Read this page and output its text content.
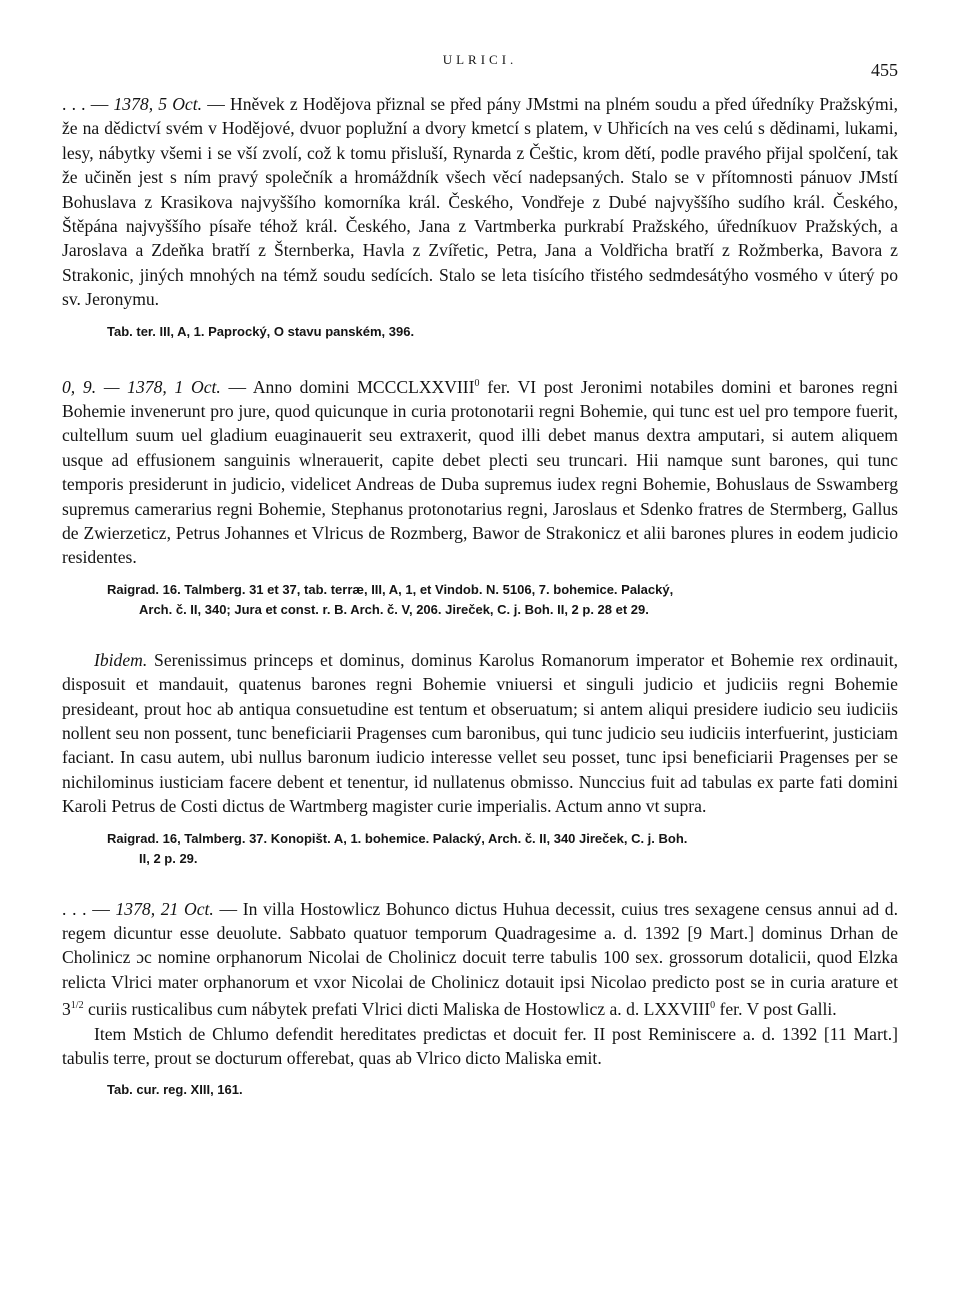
ULRICI.
455

. . . — 1378, 5 Oct. — Hněvek z Hodějova přiznal se před pány JMstmi na plném soudu a před úředníky Pražskými, že na dědictví svém v Hodějové, dvuor poplužní a dvory kmetcí s platem, v Uhřicích na ves celú s dědinami, lukami, lesy, nábytky všemi i se vší zvolí, což k tomu přisluší, Rynarda z Češtic, krom dětí, podle pravého přijal spolčení, tak že učiněn jest s ním pravý společník a hromáždník všech věcí nadepsaných. Stalo se v přítomnosti pánuov JMstí Bohuslava z Krasikova najvyššího komorníka král. Českého, Vondřeje z Dubé najvyššího sudího král. Českého, Štěpána najvyššího písaře téhož král. Českého, Jana z Vartmberka purkrabí Pražského, úředníkuov Pražských, a Jaroslava a Zdeňka bratří z Šternberka, Havla z Zvířetic, Petra, Jana a Voldřicha bratří z Rožmberka, Bavora z Strakonic, jiných mnohých na témž soudu sedících. Stalo se leta tisícího třistého sedmdesátýho vosmého v úterý po sv. Jeronymu.

Tab. ter. III, A, 1. Paprocký, O stavu panském, 396.

0, 9. — 1378, 1 Oct. — Anno domini MCCCLXXVIII$^0$ fer. VI post Jeronimi notabiles domini et barones regni Bohemie invenerunt pro jure, quod quicunque in curia protonotarii regni Bohemie, qui tunc est uel pro tempore fuerit, cultellum suum uel gladium euaginauerit seu extraxerit, quod illi debet manus dextra amputari, si autem aliquem usque ad effusionem sanguinis wlnerauerit, capite debet plecti seu truncari. Hii namque sunt barones, qui tunc temporis presiderunt in judicio, videlicet Andreas de Duba supremus iudex regni Bohemie, Bohuslaus de Sswamberg supremus camerarius regni Bohemie, Stephanus protonotarius regni, Jaroslaus et Sdenko fratres de Stermberg, Gallus de Zwierzeticz, Petrus Johannes et Vlricus de Rozmberg, Bawor de Strakonicz et alii barones plures in eodem judicio residentes.

Raigrad. 16. Talmberg. 31 et 37, tab. terræ, III, A, 1, et Vindob. N. 5106, 7. bohemice. Palacký,
Arch. č. II, 340; Jura et const. r. B. Arch. č. V, 206. Jireček, C. j. Boh. II, 2 p. 28 et 29.

Ibidem. Serenissimus princeps et dominus, dominus Karolus Romanorum imperator et Bohemie rex ordinauit, disposuit et mandauit, quatenus barones regni Bohemie vniuersi et singuli judicio et judiciis regni Bohemie presideant, prout hoc ab antiqua consuetudine est tentum et obseruatum; si antem aliqui presidere iudicio seu iudiciis nollent seu non possent, tunc beneficiarii Pragenses cum baronibus, qui tunc judicio seu iudiciis interfuerint, justiciam faciant. In casu autem, ubi nullus baronum iudicio interesse vellet seu posset, tunc ipsi beneficiarii Pragenses per se nichilominus iusticiam facere debent et tenentur, id nullatenus obmisso. Nunccius fuit ad tabulas ex parte fati domini Karoli Petrus de Costi dictus de Wartmberg magister curie imperialis. Actum anno vt supra.

Raigrad. 16, Talmberg. 37. Konopišt. A, 1. bohemice. Palacký, Arch. č. II, 340 Jireček, C. j. Boh.
II, 2 p. 29.

. . . — 1378, 21 Oct. — In villa Hostowlicz Bohunco dictus Huhua decessit, cuius tres sexagene census annui ad d. regem dicuntur esse deuolute. Sabbato quatuor temporum Quadragesime a. d. 1392 [9 Mart.] dominus Drhan de Cholinicz ɔc nomine orphanorum Nicolai de Cholinicz docuit terre tabulis 100 sex. grossorum dotalicii, quod Elzka relicta Vlrici mater orphanorum et vxor Nicolai de Cholinicz dotauit ipsi Nicolao predicto post se in curia arature et $3^{1/2}$ curiis rusticalibus cum nábytek prefati Vlrici dicti Maliska de Hostowlicz a. d. LXXVIII$^0$ fer. V post Galli.

Item Mstich de Chlumo defendit hereditates predictas et docuit fer. II post Reminiscere a. d. 1392 [11 Mart.] tabulis terre, prout se docturum offerebat, quas ab Vlrico dicto Maliska emit.

Tab. cur. reg. XIII, 161.
